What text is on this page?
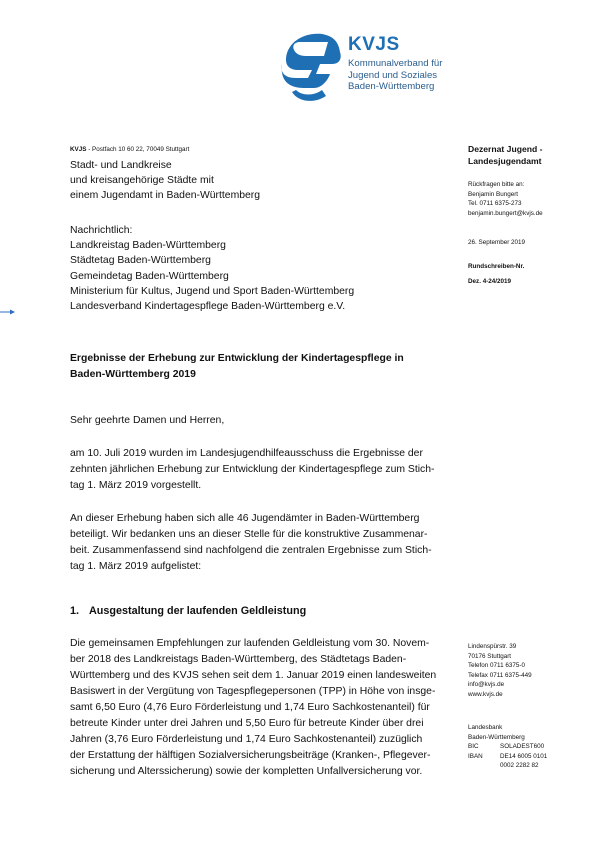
KVJS
Kommunalverband für
Jugend und Soziales
Baden-Württemberg
KVJS - Postfach 10 60 22, 70049 Stuttgart
Stadt- und Landkreise
und kreisangehörige Städte mit
einem Jugendamt in Baden-Württemberg
Nachrichtlich:
Landkreistag Baden-Württemberg
Städtetag Baden-Württemberg
Gemeindetag Baden-Württemberg
Ministerium für Kultus, Jugend und Sport Baden-Württemberg
Landesverband Kindertagespflege Baden-Württemberg e.V.
Dezernat Jugend -
Landesjugendamt
Rückfragen bitte an:
Benjamin Bungert
Tel. 0711 6375-273
benjamin.bungert@kvjs.de
26. September 2019
Rundschreiben-Nr.
Dez. 4-24/2019
Ergebnisse der Erhebung zur Entwicklung der Kindertagespflege in
Baden-Württemberg 2019
Sehr geehrte Damen und Herren,
am 10. Juli 2019 wurden im Landesjugendhilfeausschuss die Ergebnisse der
zehnten jährlichen Erhebung zur Entwicklung der Kindertagespflege zum Stich-
tag 1. März 2019 vorgestellt.
An dieser Erhebung haben sich alle 46 Jugendämter in Baden-Württemberg
beteiligt. Wir bedanken uns an dieser Stelle für die konstruktive Zusammenar-
beit. Zusammenfassend sind nachfolgend die zentralen Ergebnisse zum Stich-
tag 1. März 2019 aufgelistet:
1. Ausgestaltung der laufenden Geldleistung
Die gemeinsamen Empfehlungen zur laufenden Geldleistung vom 30. Novem-
ber 2018 des Landkreistags Baden-Württemberg, des Städtetags Baden-
Württemberg und des KVJS sehen seit dem 1. Januar 2019 einen landesweiten
Basiswert in der Vergütung von Tagespflegepersonen (TPP) in Höhe von insge-
samt 6,50 Euro (4,76 Euro Förderleistung und 1,74 Euro Sachkostenanteil) für
betreute Kinder unter drei Jahren und 5,50 Euro für betreute Kinder über drei
Jahren (3,76 Euro Förderleistung und 1,74 Euro Sachkostenanteil) zuzüglich
der Erstattung der hälftigen Sozialversicherungsbeiträge (Kranken-, Pflegever-
sicherung und Alterssicherung) sowie der kompletten Unfallversicherung vor.
Lindenspürstr. 39
70176 Stuttgart
Telefon 0711 6375-0
Telefax 0711 6375-449
info@kvjs.de
www.kvjs.de
Landesbank
Baden-Württemberg
BIC	SOLADEST600
IBAN	DE14 6005 0101
0002 2282 82
